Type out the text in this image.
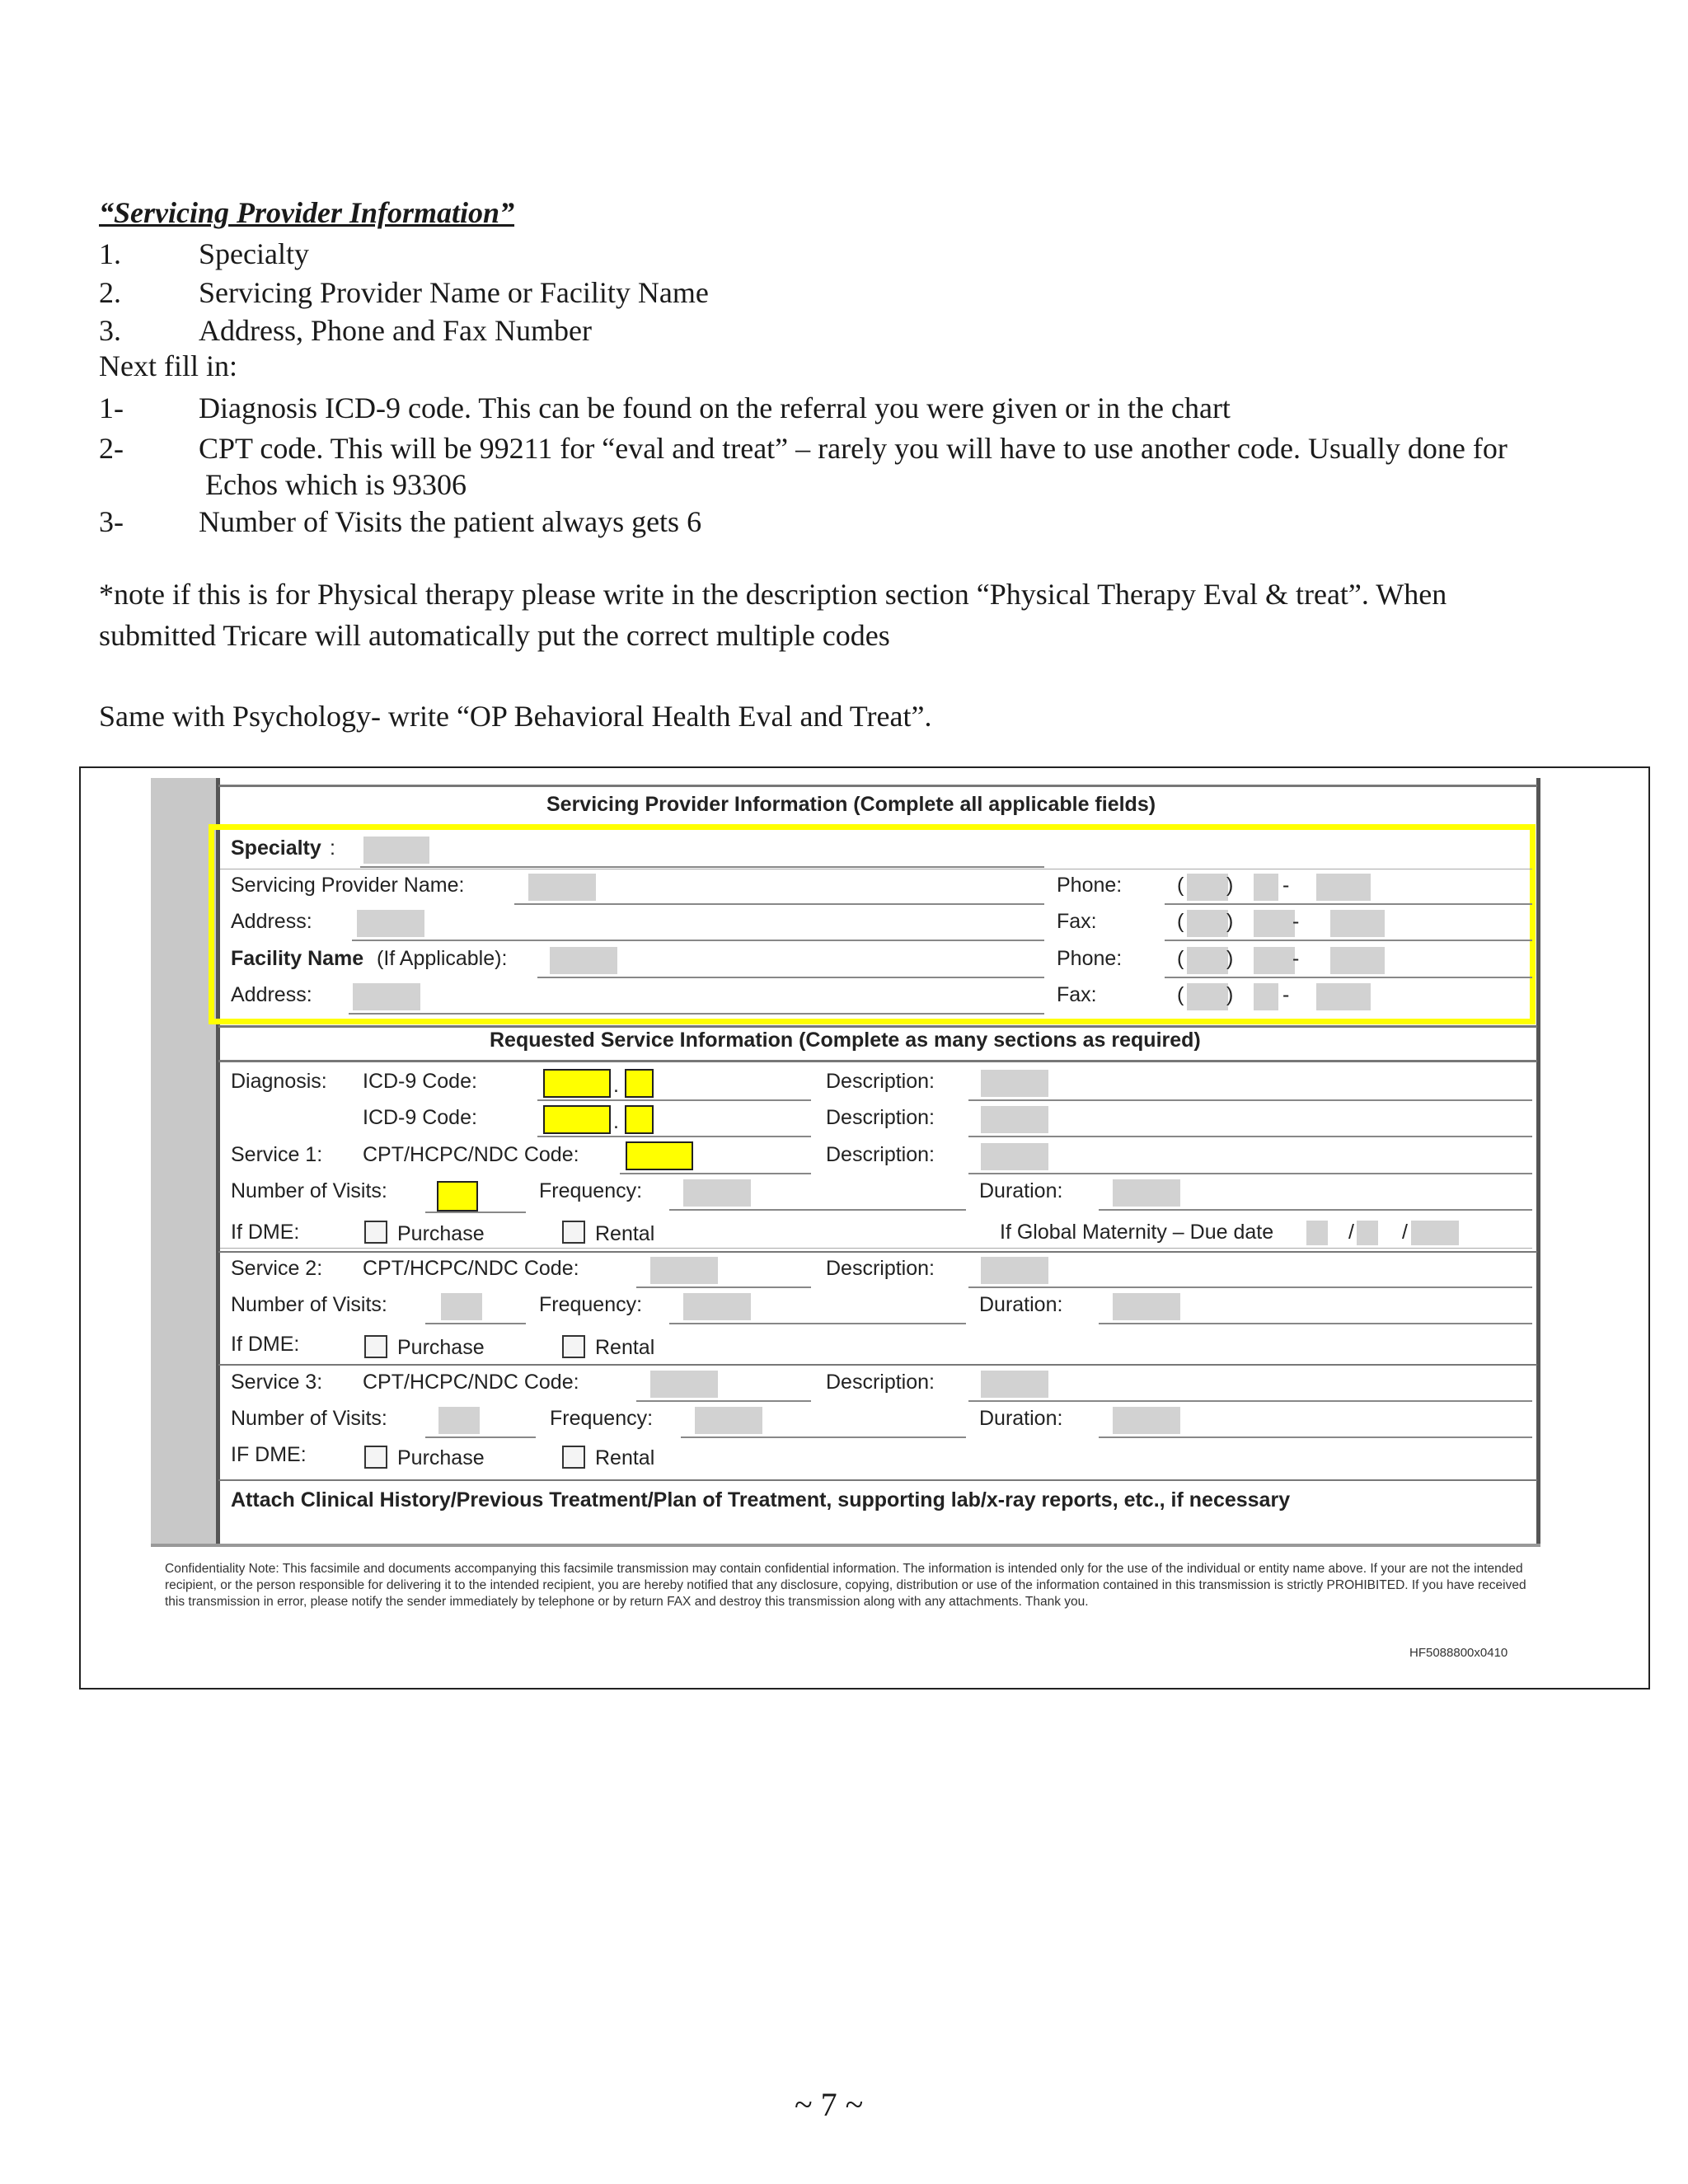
“Servicing Provider Information”
1.	Specialty
2.	Servicing Provider Name or Facility Name
3.	Address, Phone and Fax Number
Next fill in:
1-	Diagnosis ICD-9 code. This can be found on the referral you were given or in the chart
2-	CPT code. This will be 99211 for “eval and treat” – rarely you will have to use another code. Usually done for
Echos which is 93306
3-	Number of Visits the patient always gets 6
*note if this is for Physical therapy please write in the description section “Physical Therapy Eval & treat”. When
submitted Tricare will automatically put the correct multiple codes
Same with Psychology- write “OP Behavioral Health Eval and Treat”.
Servicing Provider Information (Complete all applicable fields)
Specialty :
Servicing Provider Name:	Phone:	( ) -
Address:	Fax:	( )	-
Facility Name (If Applicable):	Phone:	( )	-
Address:	Fax:	( ) -
Requested Service Information (Complete as many sections as required)
Diagnosis: ICD-9 Code:	.	Description:
ICD-9 Code:	.	Description:
Service 1: CPT/HCPC/NDC Code:	Description:
Number of Visits:	Frequency:	Duration:
If DME:	Purchase	Rental	If Global Maternity – Due date	/ /
Service 2: CPT/HCPC/NDC Code:	Description:
Number of Visits:	Frequency:	Duration:
If DME:	Purchase	Rental
Service 3: CPT/HCPC/NDC Code:	Description:
Number of Visits:	Frequency:	Duration:
IF DME:	Purchase	Rental
Attach Clinical History/Previous Treatment/Plan of Treatment, supporting lab/x-ray reports, etc., if necessary
Confidentiality Note: This facsimile and documents accompanying this facsimile transmission may contain confidential information. The information is intended only for the use of the individual or entity name above. If your are not the intended recipient, or the person responsible for delivering it to the intended recipient, you are hereby notified that any disclosure, copying, distribution or use of the information contained in this transmission is strictly PROHIBITED. If you have received this transmission in error, please notify the sender immediately by telephone or by return FAX and destroy this transmission along with any attachments. Thank you.
HF5088800x0410
~ 7 ~
